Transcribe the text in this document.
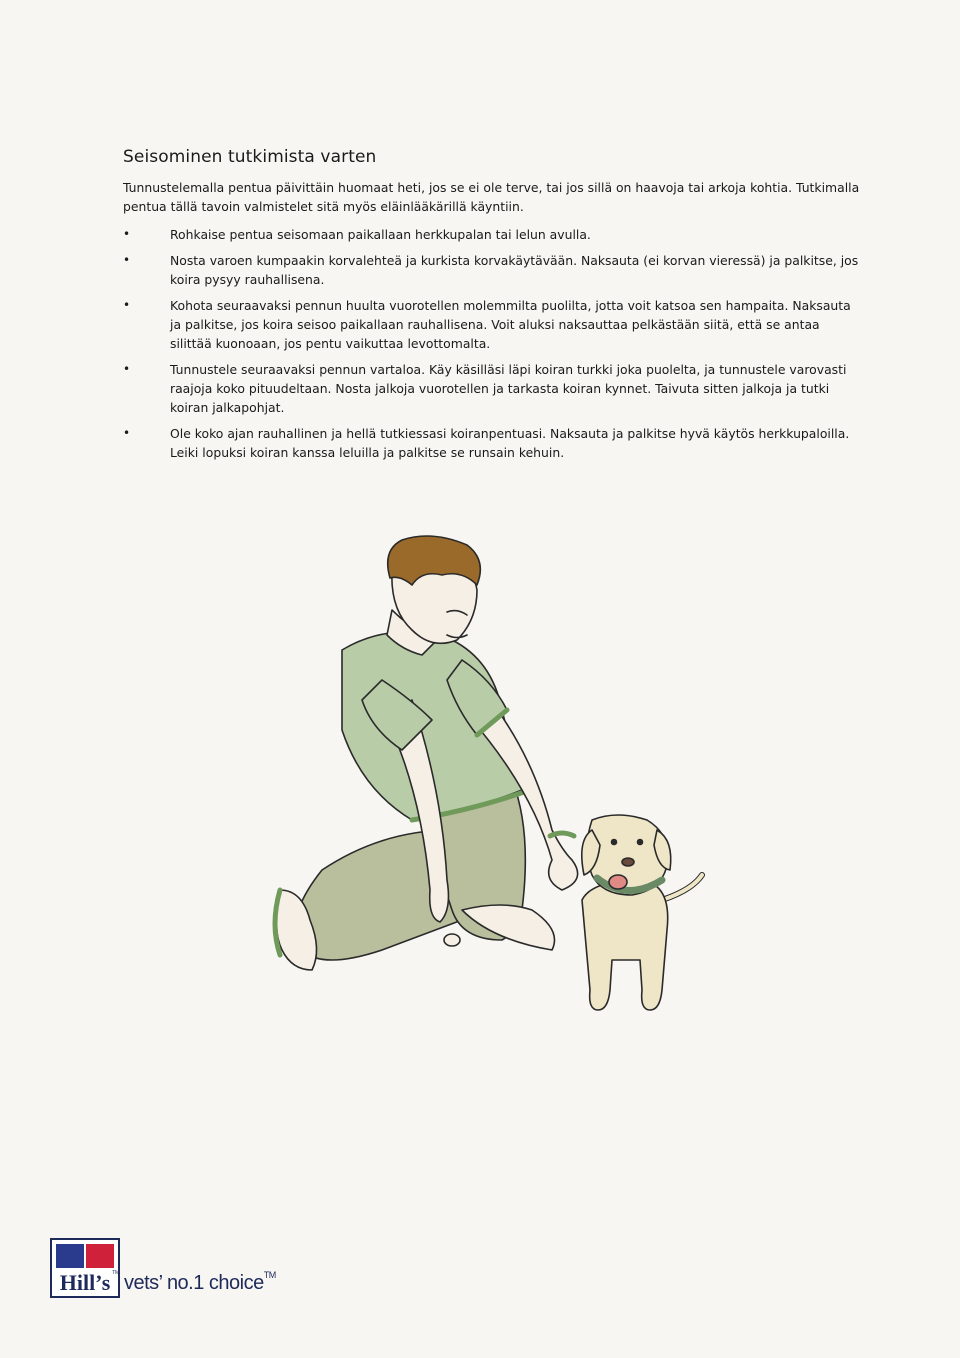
Seisominen tutkimista varten

Tunnustelemalla pentua päivittäin huomaat heti, jos se ei ole terve, tai jos sillä on haavoja tai arkoja kohtia. Tutkimalla pentua tällä tavoin valmistelet sitä myös eläinlääkärillä käyntiin.

•	Rohkaise pentua seisomaan paikallaan herkkupalan tai lelun avulla.
•	Nosta varoen kumpaakin korvalehteä ja kurkista korvakäytävään. Naksauta (ei korvan vieressä) ja palkitse, jos koira pysyy rauhallisena.
•	Kohota seuraavaksi pennun huulta vuorotellen molemmilta puolilta, jotta voit katsoa sen hampaita. Naksauta ja palkitse, jos koira seisoo paikallaan rauhallisena. Voit aluksi naksauttaa pelkästään siitä, että se antaa silittää kuonoaan, jos pentu vaikuttaa levottomalta.
•	Tunnustele seuraavaksi pennun vartaloa. Käy käsilläsi läpi koiran turkki joka puolelta, ja tunnustele varovasti raajoja koko pituudeltaan. Nosta jalkoja vuorotellen ja tarkasta koiran kynnet. Taivuta sitten jalkoja ja tutki koiran jalkapohjat.
•	Ole koko ajan rauhallinen ja hellä tutkiessasi koiranpentuasi. Naksauta ja palkitse hyvä käytös herkkupaloilla. Leiki lopuksi koiran kanssa leluilla ja palkitse se runsain kehuin.
Hill’s TM vets’ no.1 choice™
